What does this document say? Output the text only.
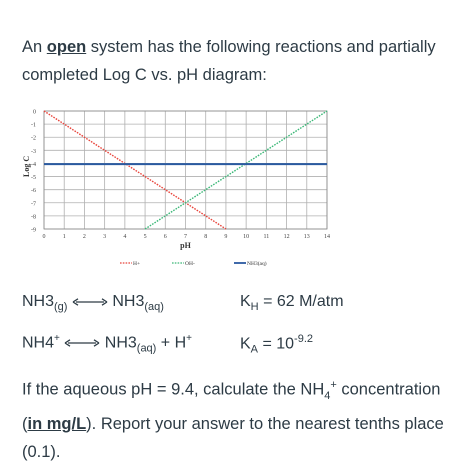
An open system has the following reactions and partially completed Log C vs. pH diagram:
0
-1
-2
-3
-4
-5
-6
-7
-8
-9
0	1	2	3	4	5	6	7	8	9	10 11 12 13 14
Log C
pH
H+	OH-	NH3(aq)
$NH3_{(g)}$	$NH3_{(aq)}$	$K_H = 62$ M/atm
NH4+	$NH3_{(aq)} + H^+$	$K_A = 10^{-9.2}$
If the aqueous pH = 9.4, calculate the $NH_4^+$ concentration (in mg/L). Report your answer to the nearest tenths place (0.1).
